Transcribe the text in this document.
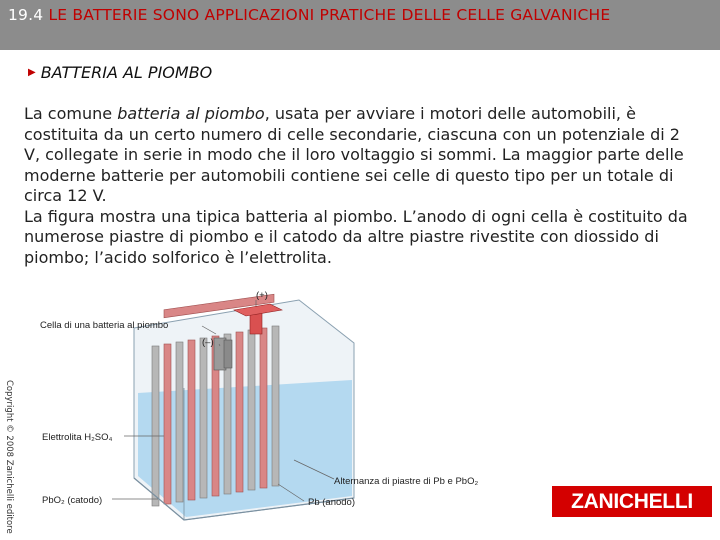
19.4 LE BATTERIE SONO APPLICAZIONI PRATICHE DELLE CELLE GALVANICHE
▶ BATTERIA AL PIOMBO

La comune batteria al piombo, usata per avviare i motori delle automobili, è costituita da un certo numero di celle secondarie, ciascuna con un potenziale di 2 V, collegate in serie in modo che il loro voltaggio si sommi. La maggior parte delle moderne batterie per automobili contiene sei celle di questo tipo per un totale di circa 12 V.

La figura mostra una tipica batteria al piombo. L’anodo di ogni cella è costituito da numerose piastre di piombo e il catodo da altre piastre rivestite con diossido di piombo; l’acido solforico è l’elettrolita.

Copyright © 2008 Zanichelli editore
Cella di una batteria al piombo
(+)
(–)
Elettrolita H₂SO₄
Alternanza di piastre di Pb e PbO₂
PbO₂ (catodo)	Pb (anodo)	ZANICHELLI
